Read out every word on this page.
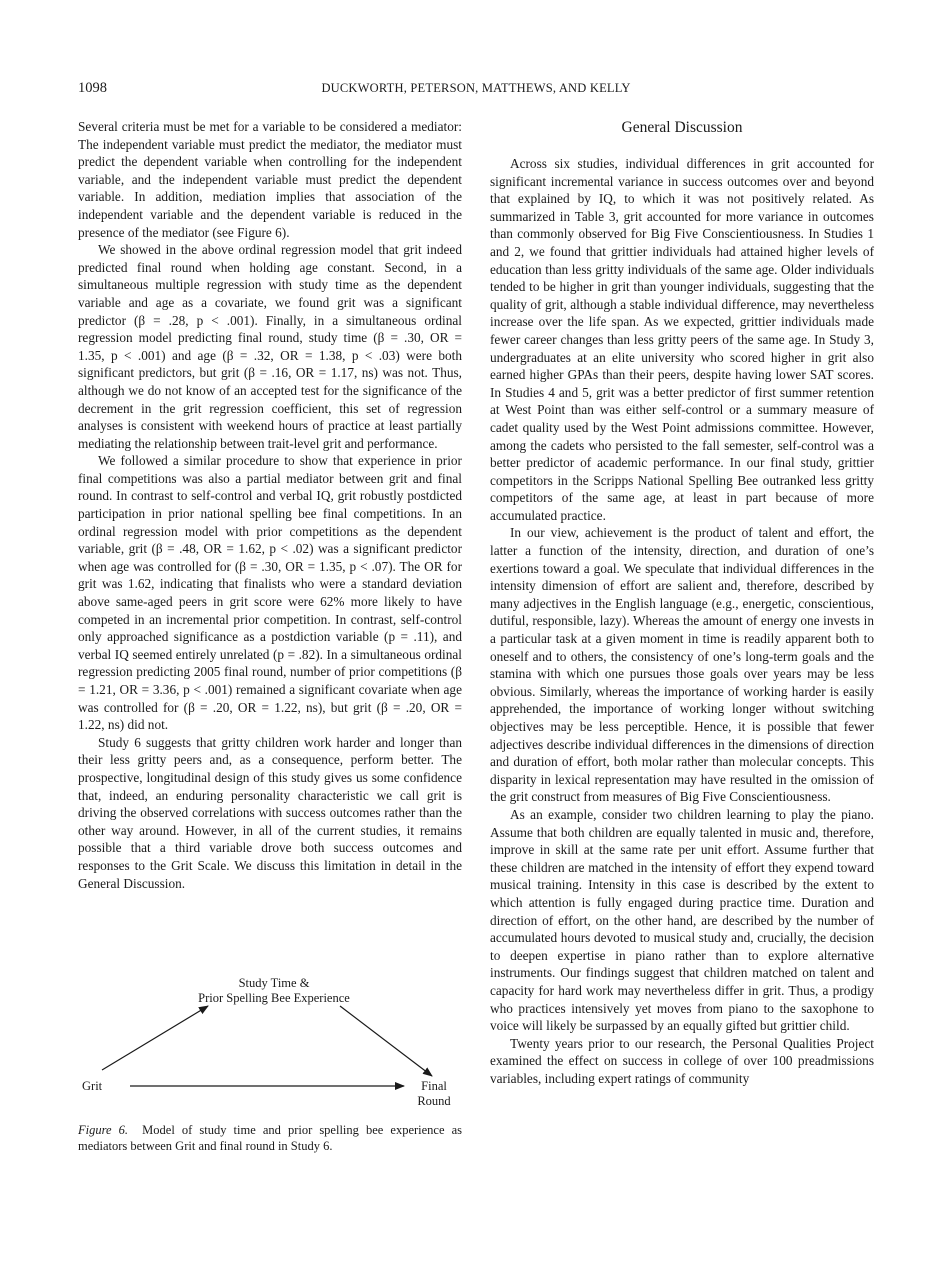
1098	DUCKWORTH, PETERSON, MATTHEWS, AND KELLY

Several criteria must be met for a variable to be considered a mediator: The independent variable must predict the mediator, the mediator must predict the dependent variable when controlling for the independent variable, and the independent variable must predict the dependent variable. In addition, mediation implies that association of the independent variable and the dependent variable is reduced in the presence of the mediator (see Figure 6).

We showed in the above ordinal regression model that grit indeed predicted final round when holding age constant. Second, in a simultaneous multiple regression with study time as the dependent variable and age as a covariate, we found grit was a significant predictor (β = .28, p < .001). Finally, in a simultaneous ordinal regression model predicting final round, study time (β = .30, OR = 1.35, p < .001) and age (β = .32, OR = 1.38, p < .03) were both significant predictors, but grit (β = .16, OR = 1.17, ns) was not. Thus, although we do not know of an accepted test for the significance of the decrement in the grit regression coefficient, this set of regression analyses is consistent with weekend hours of practice at least partially mediating the relationship between trait-level grit and performance.

We followed a similar procedure to show that experience in prior final competitions was also a partial mediator between grit and final round. In contrast to self-control and verbal IQ, grit robustly postdicted participation in prior national spelling bee final competitions. In an ordinal regression model with prior competitions as the dependent variable, grit (β = .48, OR = 1.62, p < .02) was a significant predictor when age was controlled for (β = .30, OR = 1.35, p < .07). The OR for grit was 1.62, indicating that finalists who were a standard deviation above same-aged peers in grit score were 62% more likely to have competed in an incremental prior competition. In contrast, self-control only approached significance as a postdiction variable (p = .11), and verbal IQ seemed entirely unrelated (p = .82). In a simultaneous ordinal regression predicting 2005 final round, number of prior competitions (β = 1.21, OR = 3.36, p < .001) remained a significant covariate when age was controlled for (β = .20, OR = 1.22, ns), but grit (β = .20, OR = 1.22, ns) did not.

Study 6 suggests that gritty children work harder and longer than their less gritty peers and, as a consequence, perform better. The prospective, longitudinal design of this study gives us some confidence that, indeed, an enduring personality characteristic we call grit is driving the observed correlations with success outcomes rather than the other way around. However, in all of the current studies, it remains possible that a third variable drove both success outcomes and responses to the Grit Scale. We discuss this limitation in detail in the General Discussion.

Study Time &
Prior Spelling Bee Experience
Grit	Final
Round
Figure 6. Model of study time and prior spelling bee experience as mediators between Grit and final round in Study 6.
General Discussion

Across six studies, individual differences in grit accounted for significant incremental variance in success outcomes over and beyond that explained by IQ, to which it was not positively related. As summarized in Table 3, grit accounted for more variance in outcomes than commonly observed for Big Five Conscientiousness. In Studies 1 and 2, we found that grittier individuals had attained higher levels of education than less gritty individuals of the same age. Older individuals tended to be higher in grit than younger individuals, suggesting that the quality of grit, although a stable individual difference, may nevertheless increase over the life span. As we expected, grittier individuals made fewer career changes than less gritty peers of the same age. In Study 3, undergraduates at an elite university who scored higher in grit also earned higher GPAs than their peers, despite having lower SAT scores. In Studies 4 and 5, grit was a better predictor of first summer retention at West Point than was either self-control or a summary measure of cadet quality used by the West Point admissions committee. However, among the cadets who persisted to the fall semester, self-control was a better predictor of academic performance. In our final study, grittier competitors in the Scripps National Spelling Bee outranked less gritty competitors of the same age, at least in part because of more accumulated practice.

In our view, achievement is the product of talent and effort, the latter a function of the intensity, direction, and duration of one’s exertions toward a goal. We speculate that individual differences in the intensity dimension of effort are salient and, therefore, described by many adjectives in the English language (e.g., energetic, conscientious, dutiful, responsible, lazy). Whereas the amount of energy one invests in a particular task at a given moment in time is readily apparent both to oneself and to others, the consistency of one’s long-term goals and the stamina with which one pursues those goals over years may be less obvious. Similarly, whereas the importance of working harder is easily apprehended, the importance of working longer without switching objectives may be less perceptible. Hence, it is possible that fewer adjectives describe individual differences in the dimensions of direction and duration of effort, both molar rather than molecular concepts. This disparity in lexical representation may have resulted in the omission of the grit construct from measures of Big Five Conscientiousness.

As an example, consider two children learning to play the piano. Assume that both children are equally talented in music and, therefore, improve in skill at the same rate per unit effort. Assume further that these children are matched in the intensity of effort they expend toward musical training. Intensity in this case is described by the extent to which attention is fully engaged during practice time. Duration and direction of effort, on the other hand, are described by the number of accumulated hours devoted to musical study and, crucially, the decision to deepen expertise in piano rather than to explore alternative instruments. Our findings suggest that children matched on talent and capacity for hard work may nevertheless differ in grit. Thus, a prodigy who practices intensively yet moves from piano to the saxophone to voice will likely be surpassed by an equally gifted but grittier child.

Twenty years prior to our research, the Personal Qualities Project examined the effect on success in college of over 100 preadmissions variables, including expert ratings of community
